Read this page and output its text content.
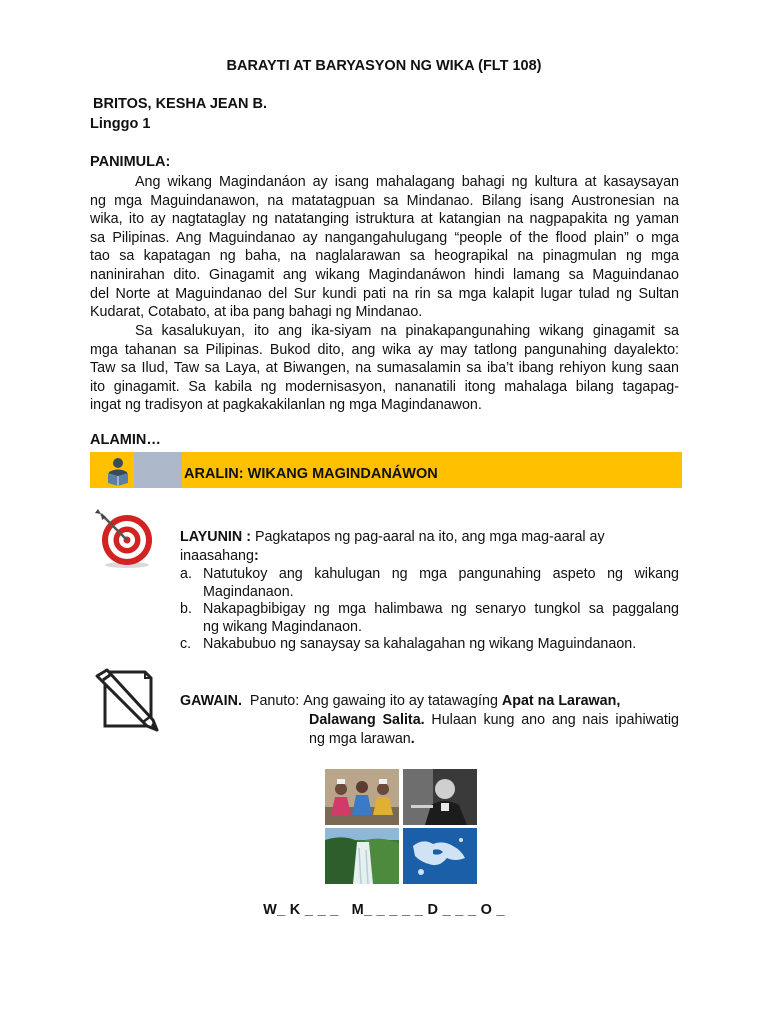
BARAYTI AT BARYASYON NG WIKA (FLT 108)
BRITOS, KESHA JEAN B.
Linggo 1
PANIMULA:
Ang wikang Magindanáon ay isang mahalagang bahagi ng kultura at kasaysayan
ng mga Maguindanawon, na matatagpuan sa Mindanao. Bilang isang Austronesian na
wika, ito ay nagtataglay ng natatanging istruktura at katangian na nagpapakita ng yaman
sa Pilipinas. Ang Maguindanao ay nangangahulugang “people of the flood plain” o mga
tao sa kapatagan ng baha, na naglalarawan sa heograpikal na pinagmulan ng mga
naninirahan dito. Ginagamit ang wikang Magindanáwon hindi lamang sa Maguindanao
del Norte at Maguindanao del Sur kundi pati na rin sa mga kalapit lugar tulad ng Sultan
Kudarat, Cotabato, at iba pang bahagi ng Mindanao.
Sa kasalukuyan, ito ang ika-siyam na pinakapangunahing wikang ginagamit sa
mga tahanan sa Pilipinas. Bukod dito, ang wika ay may tatlong pangunahing dayalekto:
Taw sa Ilud, Taw sa Laya, at Biwangen, na sumasalamin sa iba’t ibang rehiyon kung saan
ito ginagamit. Sa kabila ng modernisasyon, nananatili itong mahalaga bilang tagapag-
ingat ng tradisyon at pagkakakilanlan ng mga Magindanawon.
ALAMIN…
ARALIN: WIKANG MAGINDANÁWON
LAYUNIN : Pagkatapos ng pag-aaral na ito, ang mga mag-aaral ay
inaasahang:
a. Natutukoy ang kahulugan ng mga pangunahing aspeto ng wikang
Magindanaon.
b. Nakapagbibigay ng mga halimbawa ng senaryo tungkol sa paggalang
ng wikang Magindanaon.
c. Nakabubuo ng sanaysay sa kahalagahan ng wikang Maguindanaon.
GAWAIN. Panuto: Ang gawaing ito ay tatawagíng Apat na Larawan,
Dalawang Salita. Hulaan kung ano ang nais ipahiwatig
ng mga larawan.
W_ K _ _ _   M_ _ _ _ _ D _ _ _ O _
